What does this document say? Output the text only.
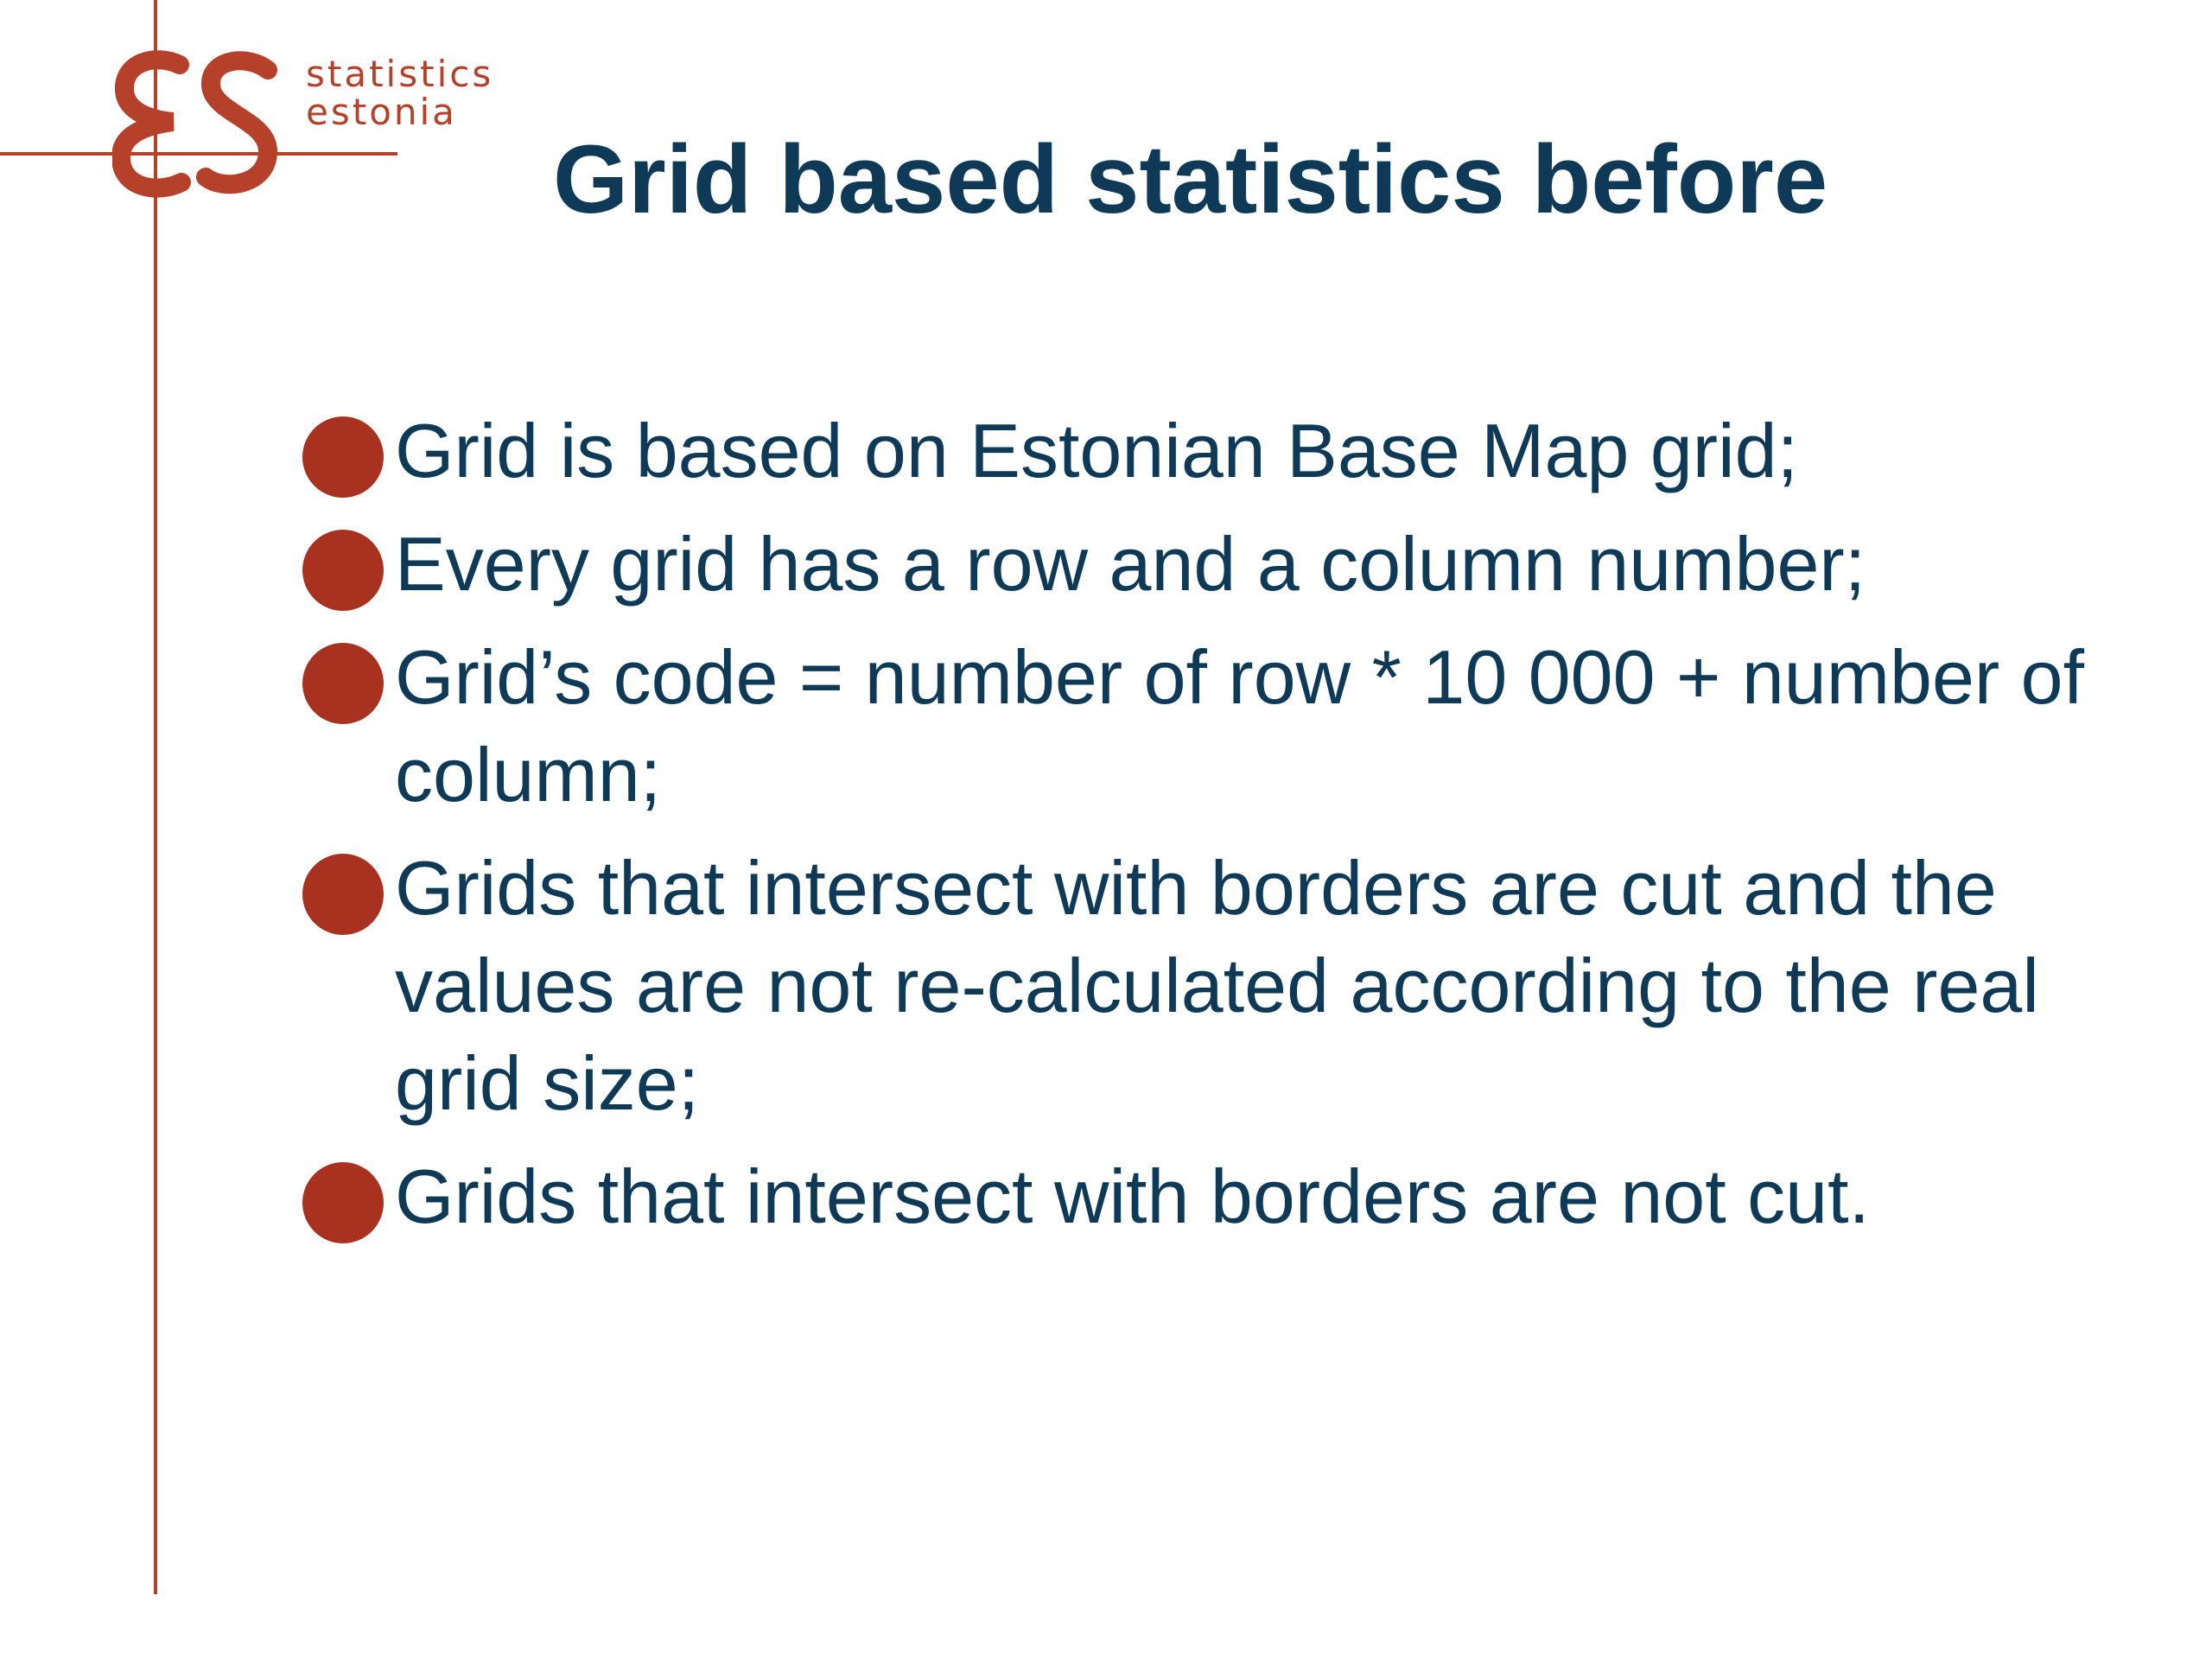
statistics
estonia
Grid based statistics before
Grid is based on Estonian Base Map grid;
Every grid has a row and a column number;
Grid’s code = number of row * 10 000 + number of column;
Grids that intersect with borders are cut and the values are not re-calculated according to the real grid size;
Grids that intersect with borders are not cut.
